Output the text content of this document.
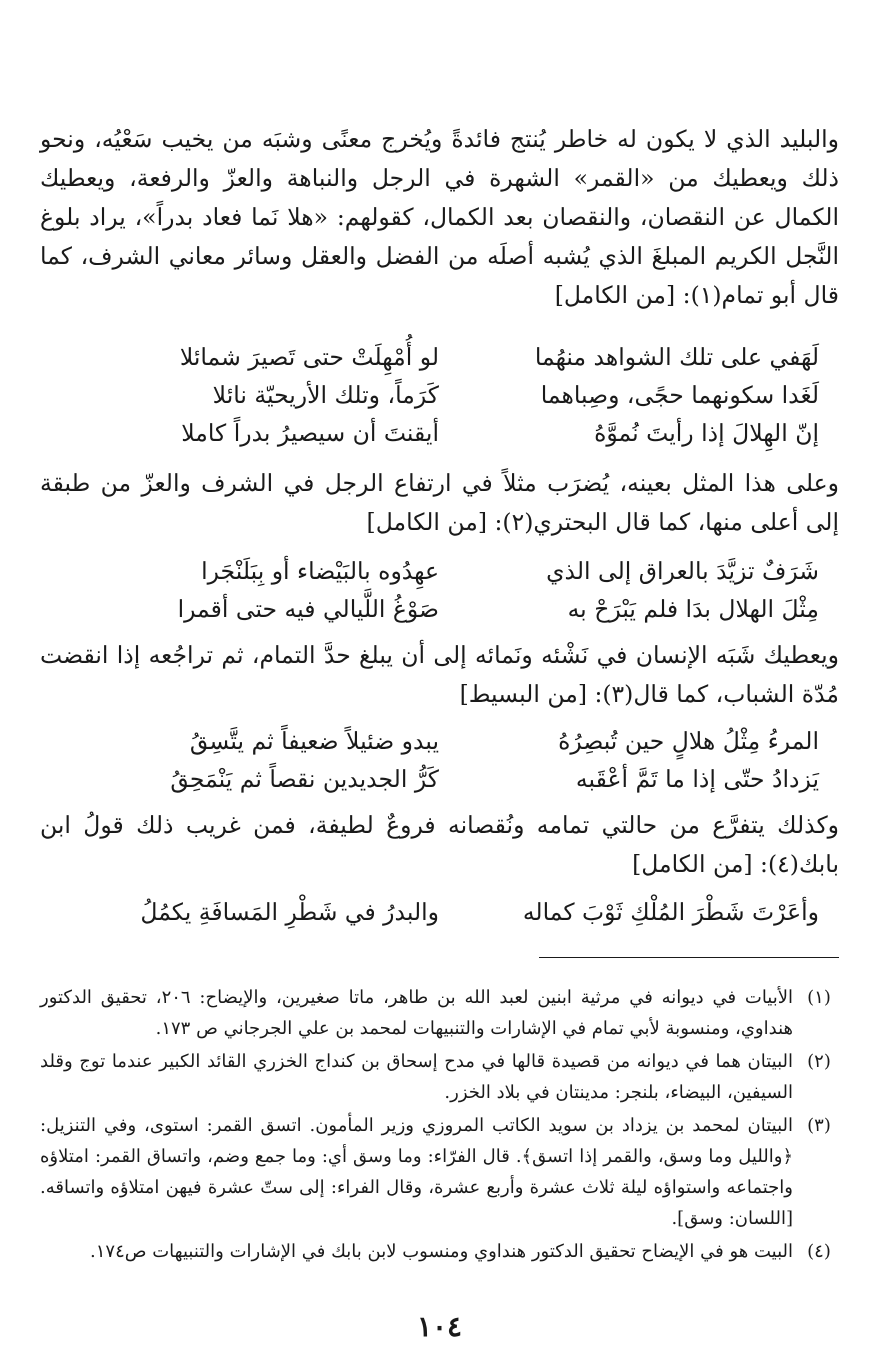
والبليد الذي لا يكون له خاطر يُنتج فائدةً ويُخرج معنًى وشبَه من يخيب سَعْيُه، ونحو ذلك ويعطيك من «القمر» الشهرة في الرجل والنباهة والعزّ والرفعة، ويعطيك الكمال عن النقصان، والنقصان بعد الكمال، كقولهم: «هلا نَما فعاد بدراً»، يراد بلوغ النَّجل الكريم المبلغَ الذي يُشبه أصلَه من الفضل والعقل وسائر معاني الشرف، كما قال أبو تمام(١): [من الكامل]

لَهَفي على تلك الشواهد منهُما
لو أُمْهِلَتْ حتى تَصيرَ شمائلا
لَغَدا سكونهما حجًى، وصِباهما
كَرَماً، وتلك الأريحيّة نائلا
إنّ الهِلالَ إذا رأيتَ نُموَّهُ
أيقنتَ أن سيصيرُ بدراً كاملا

وعلى هذا المثل بعينه، يُضرَب مثلاً في ارتفاع الرجل في الشرف والعزّ من طبقة إلى أعلى منها، كما قال البحتري(٢): [من الكامل]

شَرَفٌ تزيَّدَ بالعراق إلى الذي
عهِدُوه بالبَيْضاء أو بِبَلَنْجَرا
مِثْلَ الهلال بدَا فلم يَبْرَحْ به
صَوْغُ اللَّيالي فيه حتى أقمرا

ويعطيك شَبَه الإنسان في نَشْئه ونَمائه إلى أن يبلغ حدَّ التمام، ثم تراجُعه إذا انقضت مُدّة الشباب، كما قال(٣): [من البسيط]

المرءُ مِثْلُ هلالٍ حين تُبصِرُهُ
يبدو ضئيلاً ضعيفاً ثم يتَّسِقُ
يَزدادُ حتّى إذا ما تَمَّ أعْقَبه
كَرُّ الجديدين نقصاً ثم يَنْمَحِقُ

وكذلك يتفرَّع من حالتي تمامه ونُقصانه فروعٌ لطيفة، فمن غريب ذلك قولُ ابن بابك(٤): [من الكامل]

وأعَرْتَ شَطْرَ المُلْكِ ثَوْبَ كماله
والبدرُ في شَطْرِ المَسافَةِ يكمُلُ
(١)
الأبيات في ديوانه في مرثية ابنين لعبد الله بن طاهر، ماتا صغيرين، والإيضاح: ٢٠٦، تحقيق الدكتور هنداوي، ومنسوبة لأبي تمام في الإشارات والتنبيهات لمحمد بن علي الجرجاني ص ١٧٣.
(٢)
البيتان هما في ديوانه من قصيدة قالها في مدح إسحاق بن كنداج الخزري القائد الكبير عندما توج وقلد السيفين، البيضاء، بلنجر: مدينتان في بلاد الخزر.
(٣)
البيتان لمحمد بن يزداد بن سويد الكاتب المروزي وزير المأمون. اتسق القمر: استوى، وفي التنزيل: ﴿والليل وما وسق، والقمر إذا اتسق﴾. قال الفرّاء: وما وسق أي: وما جمع وضم، واتساق القمر: امتلاؤه واجتماعه واستواؤه ليلة ثلاث عشرة وأربع عشرة، وقال الفراء: إلى ستّ عشرة فيهن امتلاؤه واتساقه. [اللسان: وسق].
(٤)
البيت هو في الإيضاح تحقيق الدكتور هنداوي ومنسوب لابن بابك في الإشارات والتنبيهات ص١٧٤.
١٠٤
